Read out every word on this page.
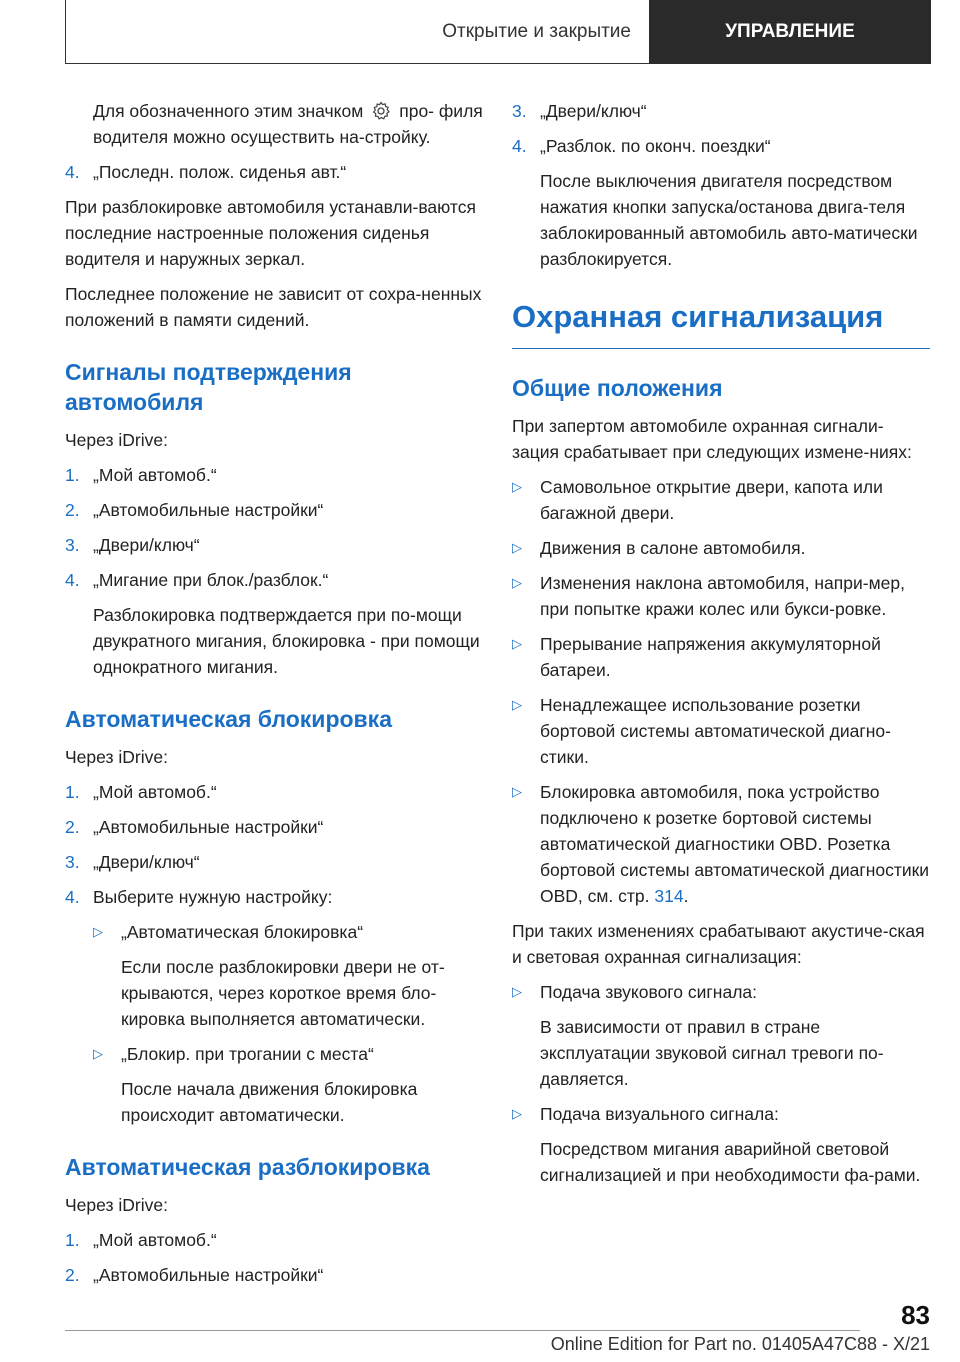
Открытие и закрытие	УПРАВЛЕНИЕ

Для обозначенного этим значком про- филя водителя можно осуществить на-стройку.

4. „Последн. полож. сиденья авт.“

При разблокировке автомобиля устанавли-ваются последние настроенные положения сиденья водителя и наружных зеркал.

Последнее положение не зависит от сохра-ненных положений в памяти сидений.

Сигналы подтверждения автомобиля

Через iDrive:

1. „Мой автомоб.“
2. „Автомобильные настройки“
3. „Двери/ключ“
4. „Мигание при блок./разблок.“

Разблокировка подтверждается при по-мощи двукратного мигания, блокировка - при помощи однократного мигания.

Автоматическая блокировка

Через iDrive:

1. „Мой автомоб.“
2. „Автомобильные настройки“
3. „Двери/ключ“
4. Выберите нужную настройку:
▷	„Автоматическая блокировка“

Если после разблокировки двери не от-крываются, через короткое время бло-кировка выполняется автоматически.

▷	„Блокир. при трогании с места“

После начала движения блокировка происходит автоматически.

Автоматическая разблокировка

Через iDrive:

1. „Мой автомоб.“
2. „Автомобильные настройки“
3. „Двери/ключ“
4. „Разблок. по оконч. поездки“

После выключения двигателя посредством нажатия кнопки запуска/останова двига-теля заблокированный автомобиль авто-матически разблокируется.

Охранная сигнализация
Общие положения

При запертом автомобиле охранная сигнали-зация срабатывает при следующих измене-ниях:

▷	Самовольное открытие двери, капота или багажной двери.
▷	Движения в салоне автомобиля.
▷	Изменения наклона автомобиля, напри-мер, при попытке кражи колес или букси-ровке.
▷	Прерывание напряжения аккумуляторной батареи.
▷	Ненадлежащее использование розетки бортовой системы автоматической диагно-стики.
▷	Блокировка автомобиля, пока устройство подключено к розетке бортовой системы автоматической диагностики OBD. Розетка бортовой системы автоматической диагностики OBD, см. стр. 314.

При таких изменениях срабатывают акустиче-ская и световая охранная сигнализация:

▷	Подача звукового сигнала:

В зависимости от правил в стране эксплуатации звуковой сигнал тревоги по-давляется.

▷	Подача визуального сигнала:

Посредством мигания аварийной световой сигнализацией и при необходимости фа-рами.

83
Online Edition for Part no. 01405A47C88 - X/21
